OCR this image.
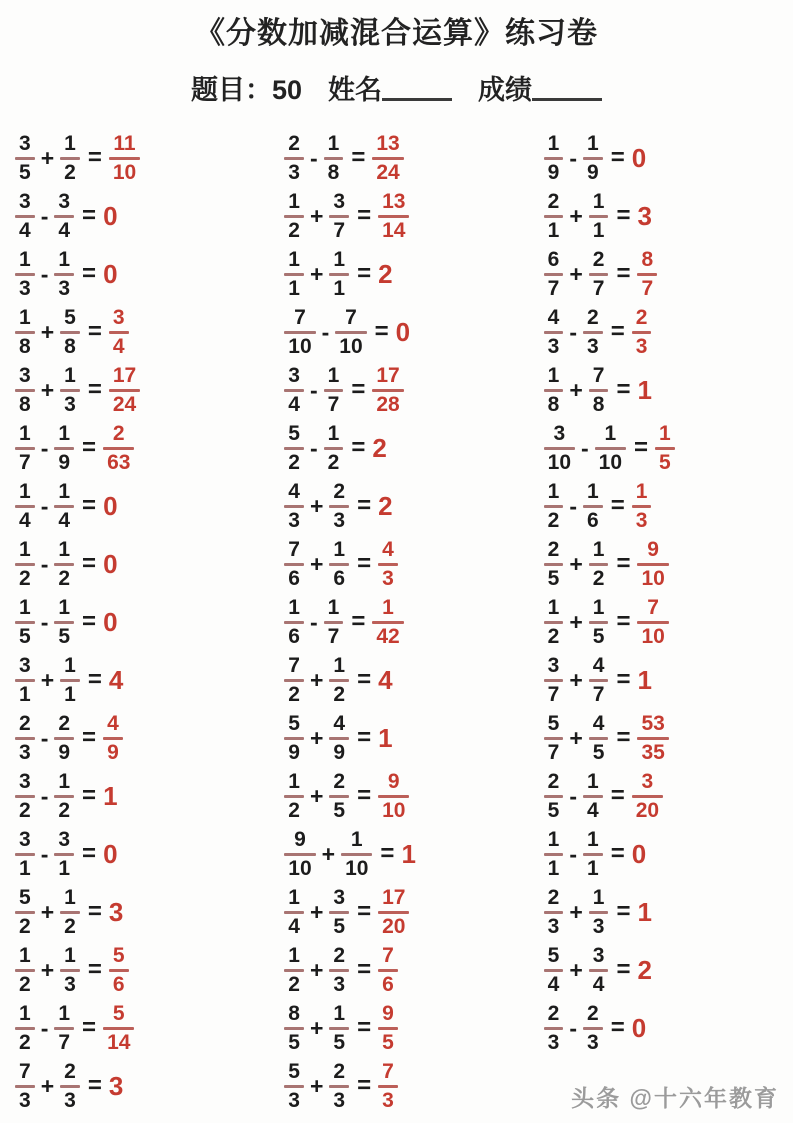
《分数加减混合运算》练习卷
题目：50 姓名	成绩
$\frac{3}{5} + \frac{1}{2} = \frac{11}{10}$
$\frac{3}{4} - \frac{3}{4} = 0$
$\frac{1}{3} - \frac{1}{3} = 0$
$\frac{1}{8} + \frac{5}{8} = \frac{3}{4}$
$\frac{3}{8} + \frac{1}{3} = \frac{17}{24}$
$\frac{1}{7} - \frac{1}{9} = \frac{2}{63}$
$\frac{1}{4} - \frac{1}{4} = 0$
$\frac{1}{2} - \frac{1}{2} = 0$
$\frac{1}{5} - \frac{1}{5} = 0$
$\frac{3}{1} + \frac{1}{1} = 4$
$\frac{2}{3} - \frac{2}{9} = \frac{4}{9}$
$\frac{3}{2} - \frac{1}{2} = 1$
$\frac{3}{1} - \frac{3}{1} = 0$
$\frac{5}{2} + \frac{1}{2} = 3$
$\frac{1}{2} + \frac{1}{3} = \frac{5}{6}$
$\frac{1}{2} - \frac{1}{7} = \frac{5}{14}$
$\frac{7}{3} + \frac{2}{3} = 3$
$\frac{2}{3} - \frac{1}{8} = \frac{13}{24}$
$\frac{1}{2} + \frac{3}{7} = \frac{13}{14}$
$\frac{1}{1} + \frac{1}{1} = 2$
$\frac{7}{10} - \frac{7}{10} = 0$
$\frac{3}{4} - \frac{1}{7} = \frac{17}{28}$
$\frac{5}{2} - \frac{1}{2} = 2$
$\frac{4}{3} + \frac{2}{3} = 2$
$\frac{7}{6} + \frac{1}{6} = \frac{4}{3}$
$\frac{1}{6} - \frac{1}{7} = \frac{1}{42}$
$\frac{7}{2} + \frac{1}{2} = 4$
$\frac{5}{9} + \frac{4}{9} = 1$
$\frac{1}{2} + \frac{2}{5} = \frac{9}{10}$
$\frac{9}{10} + \frac{1}{10} = 1$
$\frac{1}{4} + \frac{3}{5} = \frac{17}{20}$
$\frac{1}{2} + \frac{2}{3} = \frac{7}{6}$
$\frac{8}{5} + \frac{1}{5} = \frac{9}{5}$
$\frac{5}{3} + \frac{2}{3} = \frac{7}{3}$
$\frac{1}{9} - \frac{1}{9} = 0$
$\frac{2}{1} + \frac{1}{1} = 3$
$\frac{6}{7} + \frac{2}{7} = \frac{8}{7}$
$\frac{4}{3} - \frac{2}{3} = \frac{2}{3}$
$\frac{1}{8} + \frac{7}{8} = 1$
$\frac{3}{10} - \frac{1}{10} = \frac{1}{5}$
$\frac{1}{2} - \frac{1}{6} = \frac{1}{3}$
$\frac{2}{5} + \frac{1}{2} = \frac{9}{10}$
$\frac{1}{2} + \frac{1}{5} = \frac{7}{10}$
$\frac{3}{7} + \frac{4}{7} = 1$
$\frac{5}{7} + \frac{4}{5} = \frac{53}{35}$
$\frac{2}{5} - \frac{1}{4} = \frac{3}{20}$
$\frac{1}{1} - \frac{1}{1} = 0$
$\frac{2}{3} + \frac{1}{3} = 1$
$\frac{5}{4} + \frac{3}{4} = 2$
$\frac{2}{3} - \frac{2}{3} = 0$
头条 @十六年教育
